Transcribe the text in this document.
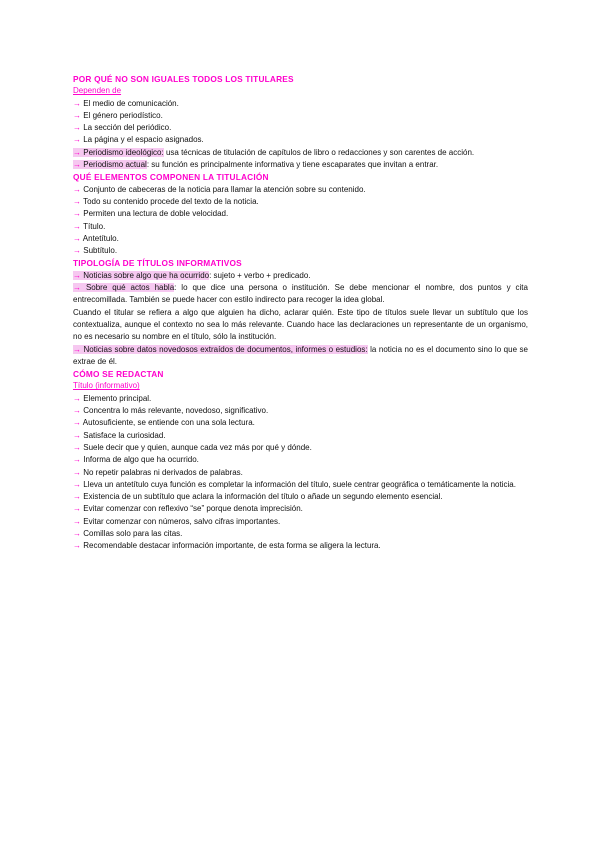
POR QUÉ NO SON IGUALES TODOS LOS TITULARES
Dependen de
→ El medio de comunicación.
→ El género periodístico.
→ La sección del periódico.
→ La página y el espacio asignados.
→ Periodismo ideológico: usa técnicas de titulación de capítulos de libro o redacciones y son carentes de acción.
→ Periodismo actual: su función es principalmente informativa y tiene escaparates que invitan a entrar.
QUÉ ELEMENTOS COMPONEN LA TITULACIÓN
→ Conjunto de cabeceras de la noticia para llamar la atención sobre su contenido.
→ Todo su contenido procede del texto de la noticia.
→ Permiten una lectura de doble velocidad.
→ Título.
→ Antetítulo.
→ Subtítulo.
TIPOLOGÍA DE TÍTULOS INFORMATIVOS
→ Noticias sobre algo que ha ocurrido: sujeto + verbo + predicado.
→ Sobre qué actos habla: lo que dice una persona o institución. Se debe mencionar el nombre, dos puntos y cita entrecomillada. También se puede hacer con estilo indirecto para recoger la idea global.
Cuando el titular se refiera a algo que alguien ha dicho, aclarar quién. Este tipo de títulos suele llevar un subtítulo que los contextualiza, aunque el contexto no sea lo más relevante. Cuando hace las declaraciones un representante de un organismo, no es necesario su nombre en el título, sólo la institución.
→ Noticias sobre datos novedosos extraídos de documentos, informes o estudios: la noticia no es el documento sino lo que se extrae de él.
CÓMO SE REDACTAN
Título (informativo)
→ Elemento principal.
→ Concentra lo más relevante, novedoso, significativo.
→ Autosuficiente, se entiende con una sola lectura.
→ Satisface la curiosidad.
→ Suele decir que y quien, aunque cada vez más por qué y dónde.
→ Informa de algo que ha ocurrido.
→ No repetir palabras ni derivados de palabras.
→ Lleva un antetítulo cuya función es completar la información del título, suele centrar geográfica o temáticamente la noticia.
→ Existencia de un subtítulo que aclara la información del título o añade un segundo elemento esencial.
→ Evitar comenzar con reflexivo “se” porque denota imprecisión.
→ Evitar comenzar con números, salvo cifras importantes.
→ Comillas solo para las citas.
→ Recomendable destacar información importante, de esta forma se aligera la lectura.
